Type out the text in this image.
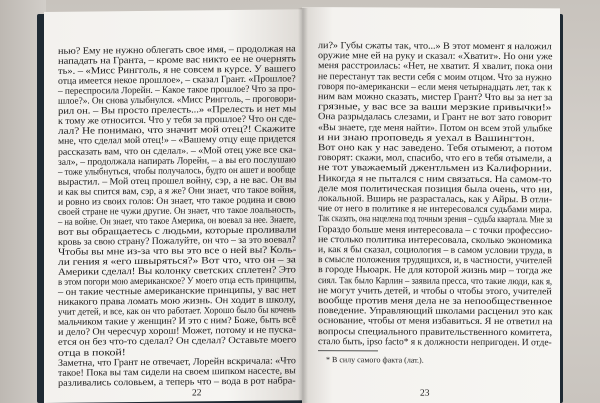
22
нью? Ему не нужно облегать свое имя, – продолжая на
нападать на Гранта, – кроме вас никто ее не очернять
ть». – «Мисс Рингголь, я не совсем в курсе. У вашего
отца имеется некое прошлое», – сказал Грант. «Прошлое?
– переспросила Лорейн. – Какое такое прошлое? Что за про-
шлое?». Он снова улыбнулся. «Мисс Рингголь, – проговори-
рил он. – Вы просто прелесть...» «Прелесть и нет мы
к тому же относится. Что у тебя за прошлое? Что он сде-
лал? Не понимаю, что значит мой отец?! Скажите
мне, что сделал мой отец!» – «Вашему отцу еще придется
рассказать вам, что он сделал». – «Мой отец уже все ска-
зал», – продолжала напирать Лорейн, – а вы его послушаю
– тоже улыбнуться, чтобы получалось, будто он ашет и вообще
вырастил. – Мой отец прошел войну, сэр, а не вас. Он вы
и как вы спится вам, сэр, а я же? Они знает, что такое войня,
и ровно из своих голов: Он знает, что такое родина и свою
своей стране не чужи другие. Он знает, что такое лоальность,
– на войне. Он знает, что такое Америка, он воевал за нее. Знаете,
вот вы обращаетесь с людьми, которые проливали
кровь за свою страну? Пожалуйте, он что – за это воевал?
Чтобы вы мне из-за что вы это все о ней вы? Коль-
ли гения я «его швыряться?» Вот что, что он – за
Америки сделал! Вы колонку светских сплетен? Это
в этом погори мою американское? У моего отца есть принципы,
– он такие честные американские принципы, у вас нет
никакого права ломать мою жизнь. Он ходит в школу,
учит детей, и все, как он что работает. Хорошо было бы кочень
мальчиком такие у женщин? И это с ним? Боже, быть всё
и дело? Он чересчур хорош! Может, потому и не пускa-
ется он без что-то сделал? Он сделал? Оставьте моего
отца в покой!
Заметна, что Грант не отвечает, Лорейн вскричала: «Что
такое! Пока вы там сидели на своем шипком насесте, вы
разливались соловьем, а теперь что – вода в рот набра-
* В силу самого факта (лат.).
23
ли?» Губы сжаты так, что...» В этот момент я наложил
оружие мне ей на руку и сказал: «Хватит». Но они уже
меня расстроилась: «Нет, не хватит. Я хвалит, пока они
не перестанут так вести себя с моим отцом. Что за нужно
говоря по-американски – если меня четырнадцать лет, так к
ним вам можно сказать, мистер Грант? Что вы за нет за
грязные, у вас все за ваши мерзкие привычки!»
Она разрыдалась слезами, и Грант не вот зато говорит
«Вы знаете, где меня найти». Потом он всем этой улыбке
и ни знаю проповедь я уехал в Вашингтон.
Вот оно как у нас заведено. Тебя отымеют, а потом
говорят: скажи, мол, спасибо, что его в тебя отымели, а
не тот уважаемый джентльмен из Калифорнии.
Никогда я не пытался с ним связаться. На самом-то
деле моя политическая позиция была очень, что ни,
локальной. Вширь не разрасталась, как у Айры. В отли-
чие от него в политике я не интересовался судьбами мира.
Так сказать, она нацелена под точным зрения – судьба квартала. Мне за
Гораздо больше меня интересовала – с точки профессио-
не столько политика интересовала, сколько экономика
и, как я бы сказал, социология – в самом условии труда, в
в смысле положения трудящихся, и, в частности, учителей
в городе Ньюарк. Не для которой жизнь мир – тогда же
сиял. Так было Карлин – заявила пресса, что такие люди, как я,
не могут учить детей, и чтобы о чтобы этого, учителей
вообще против меня дела не за непообщественное
поведение. Управляющий школами расценил это как
основание, чтобы от меня избавиться. Я не ответил на
вопросы специального правительственного комитета,
стало быть, ipso facto* я к должности непригоден. И отде-
